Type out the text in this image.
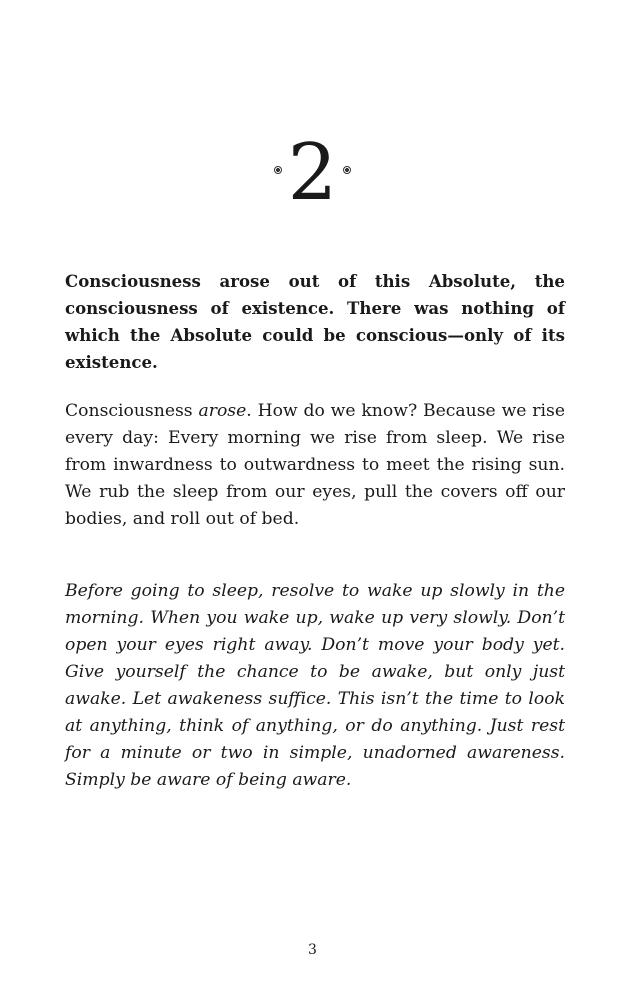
2

Consciousness arose out of this Absolute, the consciousness of existence. There was nothing of which the Absolute could be conscious—only of its existence.

Consciousness arose. How do we know? Because we rise every day: Every morning we rise from sleep. We rise from inwardness to outwardness to meet the rising sun. We rub the sleep from our eyes, pull the covers off our bodies, and roll out of bed.

Before going to sleep, resolve to wake up slowly in the morning. When you wake up, wake up very slowly. Don’t open your eyes right away. Don’t move your body yet. Give yourself the chance to be awake, but only just awake. Let awakeness suffice. This isn’t the time to look at anything, think of anything, or do anything. Just rest for a minute or two in simple, unadorned awareness. Simply be aware of being aware.

3
